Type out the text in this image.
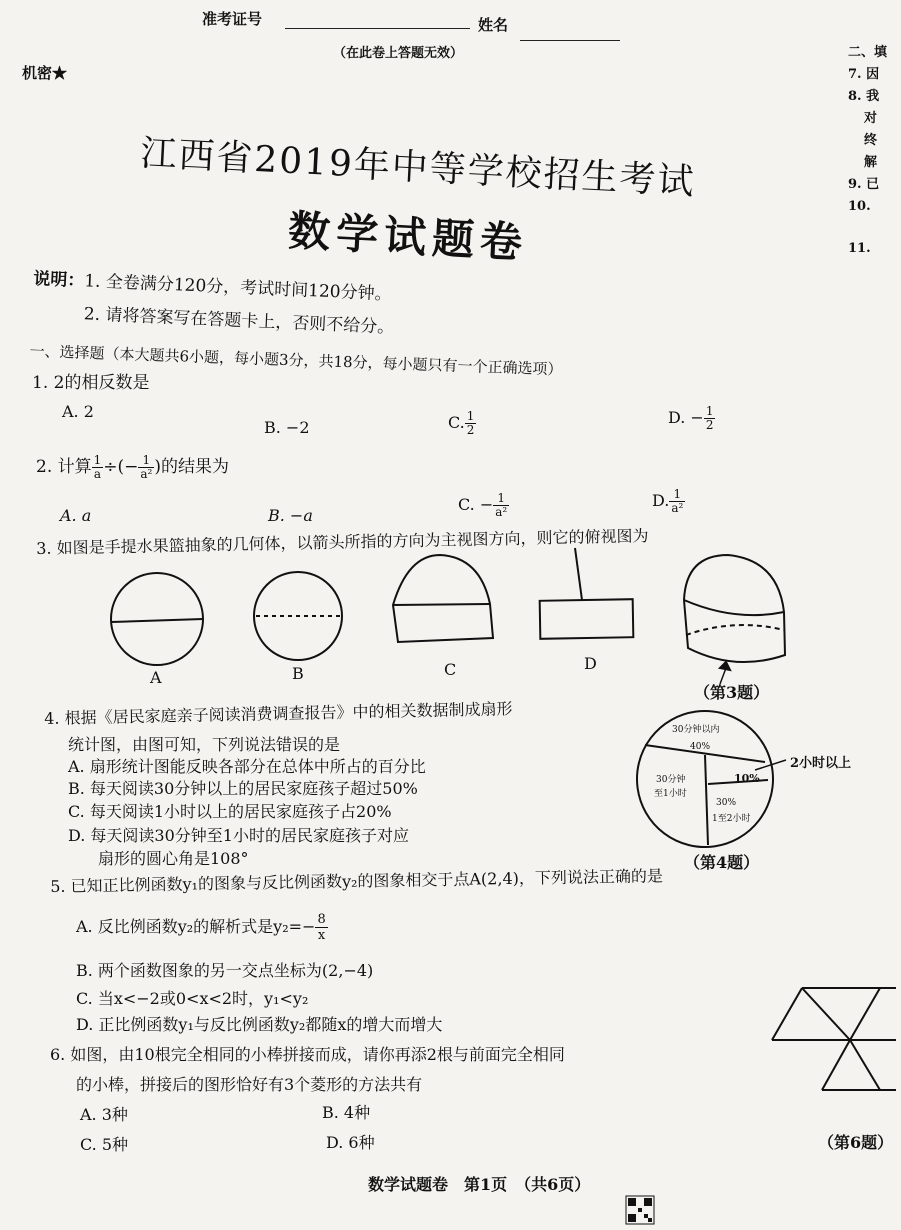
准考证号	姓名
（在此卷上答题无效）
机密★
二、填
7. 因
8. 我
对
终
解
9. 已
10.
11.
江西省2019年中等学校招生考试
数学试题卷
说明：1. 全卷满分120分，考试时间120分钟。
2. 请将答案写在答题卡上，否则不给分。
一、选择题（本大题共6小题，每小题3分，共18分，每小题只有一个正确选项）
1. 2的相反数是
A. 2
B. −2	C. $\frac{1}{2}$	D. − $\frac{1}{2}$
2. 计算 $\frac{1}{a}$ ÷(− $\frac{1}{\text{a²}}$ )的结果为
A. a	B. −a
C. − $\frac{1}{\text{a²}}$	D. $\frac{1}{\text{a²}}$
3. 如图是手提水果篮抽象的几何体，以箭头所指的方向为主视图方向，则它的俯视图为
A	B	C	D
（第3题）
4. 根据《居民家庭亲子阅读消费调查报告》中的相关数据制成扇形
统计图，由图可知，下列说法错误的是
A. 扇形统计图能反映各部分在总体中所占的百分比
B. 每天阅读30分钟以上的居民家庭孩子超过50%
C. 每天阅读1小时以上的居民家庭孩子占20%
D. 每天阅读30分钟至1小时的居民家庭孩子对应
扇形的圆心角是108°
30分钟以内
40%
10%
30%
1至2小时
30分钟
至1小时
2小时以上
（第4题）
5. 已知正比例函数y₁的图象与反比例函数y₂的图象相交于点A(2,4)，下列说法正确的是
A. 反比例函数y₂的解析式是$y_2=- \frac{8}{x}$
B. 两个函数图象的另一交点坐标为(2,−4)
C. 当x<−2或0<x<2时，y₁<y₂
D. 正比例函数y₁与反比例函数y₂都随x的增大而增大
6. 如图，由10根完全相同的小棒拼接而成，请你再添2根与前面完全相同
的小棒，拼接后的图形恰好有3个菱形的方法共有
A. 3种	B. 4种
C. 5种	D. 6种	（第6题）
数学试题卷　第1页　（共6页）
